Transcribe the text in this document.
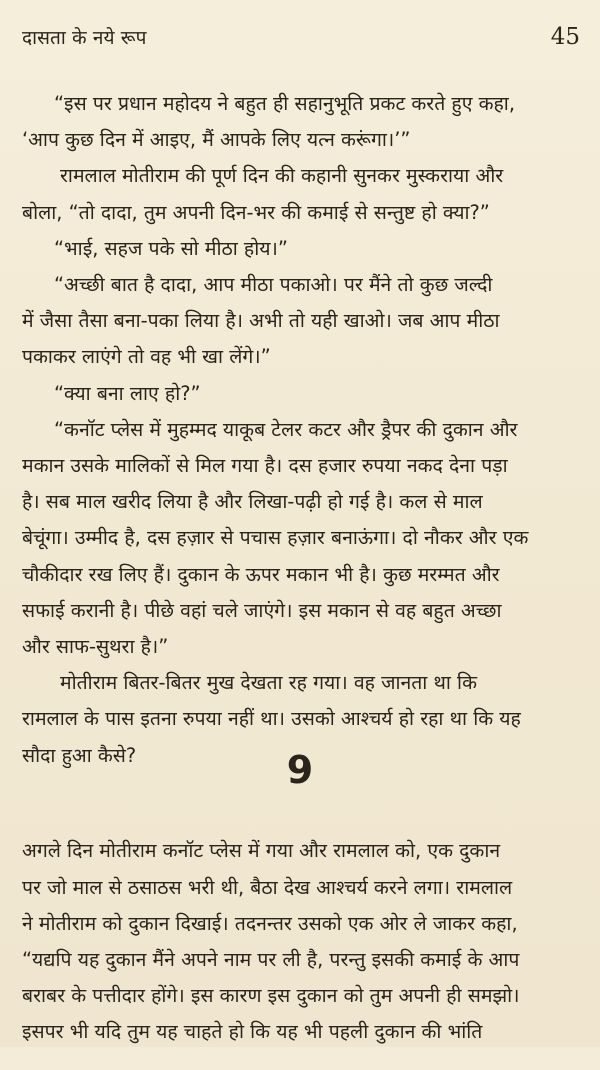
दासता के नये रूप	45

“इस पर प्रधान महोदय ने बहुत ही सहानुभूति प्रकट करते हुए कहा,
‘आप कुछ दिन में आइए, मैं आपके लिए यत्न करूंगा।’”

रामलाल मोतीराम की पूर्ण दिन की कहानी सुनकर मुस्कराया और
बोला, “तो दादा, तुम अपनी दिन-भर की कमाई से सन्तुष्ट हो क्या?”

“भाई, सहज पके सो मीठा होय।”

“अच्छी बात है दादा, आप मीठा पकाओ। पर मैंने तो कुछ जल्दी
में जैसा तैसा बना-पका लिया है। अभी तो यही खाओ। जब आप मीठा
पकाकर लाएंगे तो वह भी खा लेंगे।”

“क्या बना लाए हो?”

“कनॉट प्लेस में मुहम्मद याकूब टेलर कटर और ड्रैपर की दुकान और
मकान उसके मालिकों से मिल गया है। दस हजार रुपया नकद देना पड़ा
है। सब माल खरीद लिया है और लिखा-पढ़ी हो गई है। कल से माल
बेचूंगा। उम्मीद है, दस हज़ार से पचास हज़ार बनाऊंगा। दो नौकर और एक
चौकीदार रख लिए हैं। दुकान के ऊपर मकान भी है। कुछ मरम्मत और
सफाई करानी है। पीछे वहां चले जाएंगे। इस मकान से वह बहुत अच्छा
और साफ-सुथरा है।”

मोतीराम बितर-बितर मुख देखता रह गया। वह जानता था कि
रामलाल के पास इतना रुपया नहीं था। उसको आश्चर्य हो रहा था कि यह
सौदा हुआ कैसे?	9

अगले दिन मोतीराम कनॉट प्लेस में गया और रामलाल को, एक दुकान
पर जो माल से ठसाठस भरी थी, बैठा देख आश्चर्य करने लगा। रामलाल
ने मोतीराम को दुकान दिखाई। तदनन्तर उसको एक ओर ले जाकर कहा,
“यद्यपि यह दुकान मैंने अपने नाम पर ली है, परन्तु इसकी कमाई के आप
बराबर के पत्तीदार होंगे। इस कारण इस दुकान को तुम अपनी ही समझो।
इसपर भी यदि तुम यह चाहते हो कि यह भी पहली दुकान की भांति
